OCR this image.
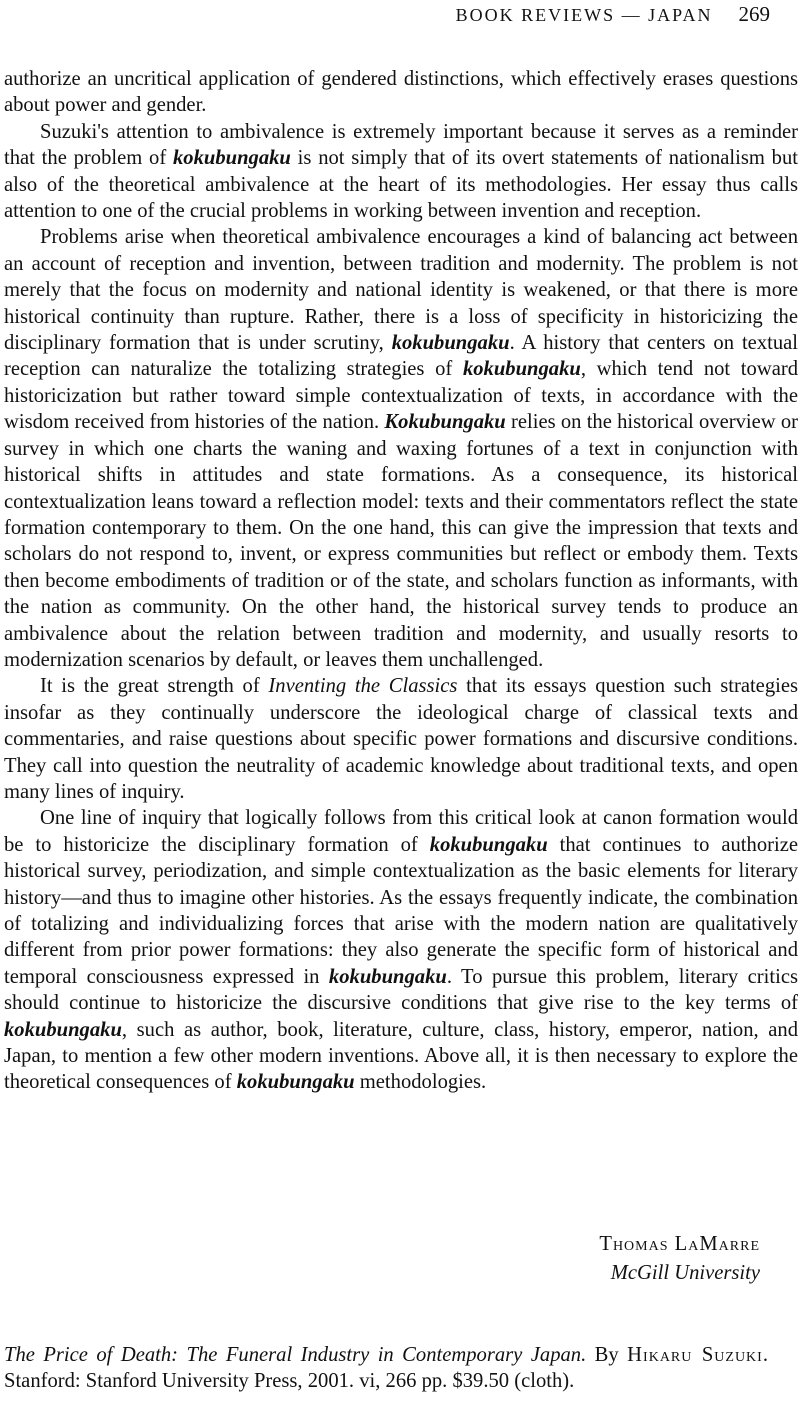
BOOK REVIEWS — JAPAN 269

authorize an uncritical application of gendered distinctions, which effectively erases questions about power and gender.

Suzuki's attention to ambivalence is extremely important because it serves as a reminder that the problem of kokubungaku is not simply that of its overt statements of nationalism but also of the theoretical ambivalence at the heart of its methodologies. Her essay thus calls attention to one of the crucial problems in working between invention and reception.

Problems arise when theoretical ambivalence encourages a kind of balancing act between an account of reception and invention, between tradition and modernity. The problem is not merely that the focus on modernity and national identity is weakened, or that there is more historical continuity than rupture. Rather, there is a loss of specificity in historicizing the disciplinary formation that is under scrutiny, kokubungaku. A history that centers on textual reception can naturalize the totalizing strategies of kokubungaku, which tend not toward historicization but rather toward simple contextualization of texts, in accordance with the wisdom received from histories of the nation. Kokubungaku relies on the historical overview or survey in which one charts the waning and waxing fortunes of a text in conjunction with historical shifts in attitudes and state formations. As a consequence, its historical contextualization leans toward a reflection model: texts and their commentators reflect the state formation contemporary to them. On the one hand, this can give the impression that texts and scholars do not respond to, invent, or express communities but reflect or embody them. Texts then become embodiments of tradition or of the state, and scholars function as informants, with the nation as community. On the other hand, the historical survey tends to produce an ambivalence about the relation between tradition and modernity, and usually resorts to modernization scenarios by default, or leaves them unchallenged.

It is the great strength of Inventing the Classics that its essays question such strategies insofar as they continually underscore the ideological charge of classical texts and commentaries, and raise questions about specific power formations and discursive conditions. They call into question the neutrality of academic knowledge about traditional texts, and open many lines of inquiry.

One line of inquiry that logically follows from this critical look at canon formation would be to historicize the disciplinary formation of kokubungaku that continues to authorize historical survey, periodization, and simple contextualization as the basic elements for literary history—and thus to imagine other histories. As the essays frequently indicate, the combination of totalizing and individualizing forces that arise with the modern nation are qualitatively different from prior power formations: they also generate the specific form of historical and temporal consciousness expressed in kokubungaku. To pursue this problem, literary critics should continue to historicize the discursive conditions that give rise to the key terms of kokubungaku, such as author, book, literature, culture, class, history, emperor, nation, and Japan, to mention a few other modern inventions. Above all, it is then necessary to explore the theoretical consequences of kokubungaku methodologies.

Thomas LaMarre
McGill University
The Price of Death: The Funeral Industry in Contemporary Japan. By Hikaru Suzuki. Stanford: Stanford University Press, 2001. vi, 266 pp. $39.50 (cloth).
